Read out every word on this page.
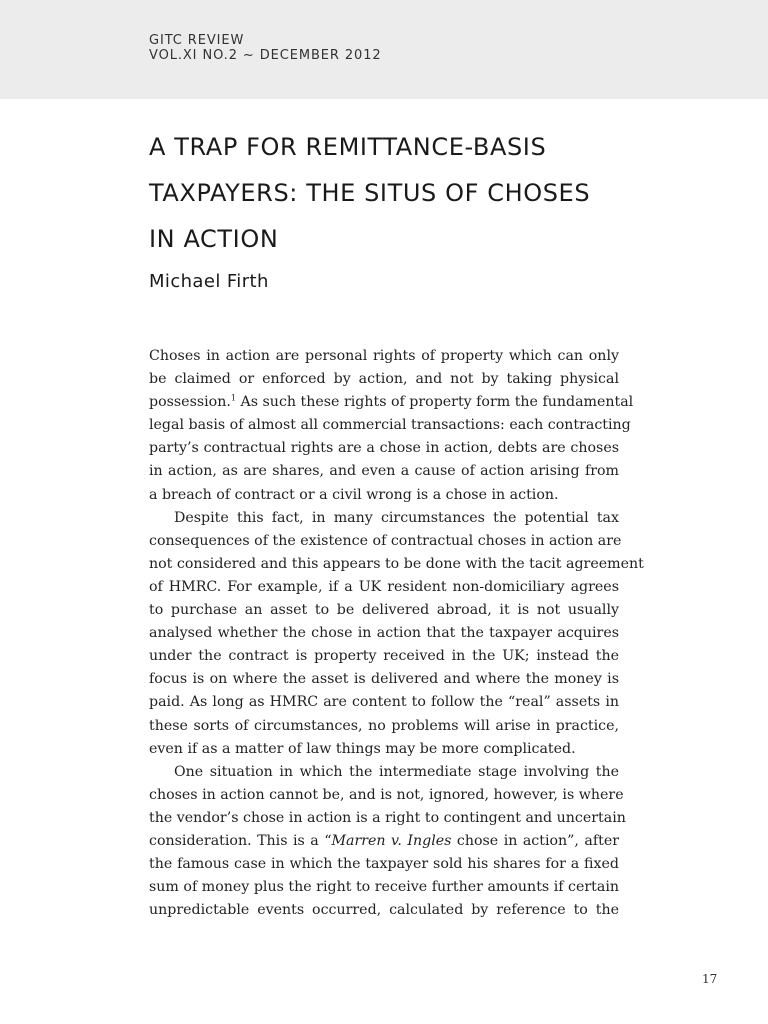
GITC REVIEW
VOL.XI NO.2 ~ DECEMBER 2012
A TRAP FOR REMITTANCE-BASIS
TAXPAYERS: THE SITUS OF CHOSES
IN ACTION
Michael Firth
Choses in action are personal rights of property which can only
be claimed or enforced by action, and not by taking physical
possession.$^1$ As such these rights of property form the fundamental
legal basis of almost all commercial transactions: each contracting
party’s contractual rights are a chose in action, debts are choses
in action, as are shares, and even a cause of action arising from
a breach of contract or a civil wrong is a chose in action.
Despite this fact, in many circumstances the potential tax
consequences of the existence of contractual choses in action are
not considered and this appears to be done with the tacit agreement
of HMRC. For example, if a UK resident non-domiciliary agrees
to purchase an asset to be delivered abroad, it is not usually
analysed whether the chose in action that the taxpayer acquires
under the contract is property received in the UK; instead the
focus is on where the asset is delivered and where the money is
paid. As long as HMRC are content to follow the “real” assets in
these sorts of circumstances, no problems will arise in practice,
even if as a matter of law things may be more complicated.
One situation in which the intermediate stage involving the
choses in action cannot be, and is not, ignored, however, is where
the vendor’s chose in action is a right to contingent and uncertain
consideration. This is a “Marren v. Ingles chose in action”, after
the famous case in which the taxpayer sold his shares for a fixed
sum of money plus the right to receive further amounts if certain
unpredictable events occurred, calculated by reference to the
17
